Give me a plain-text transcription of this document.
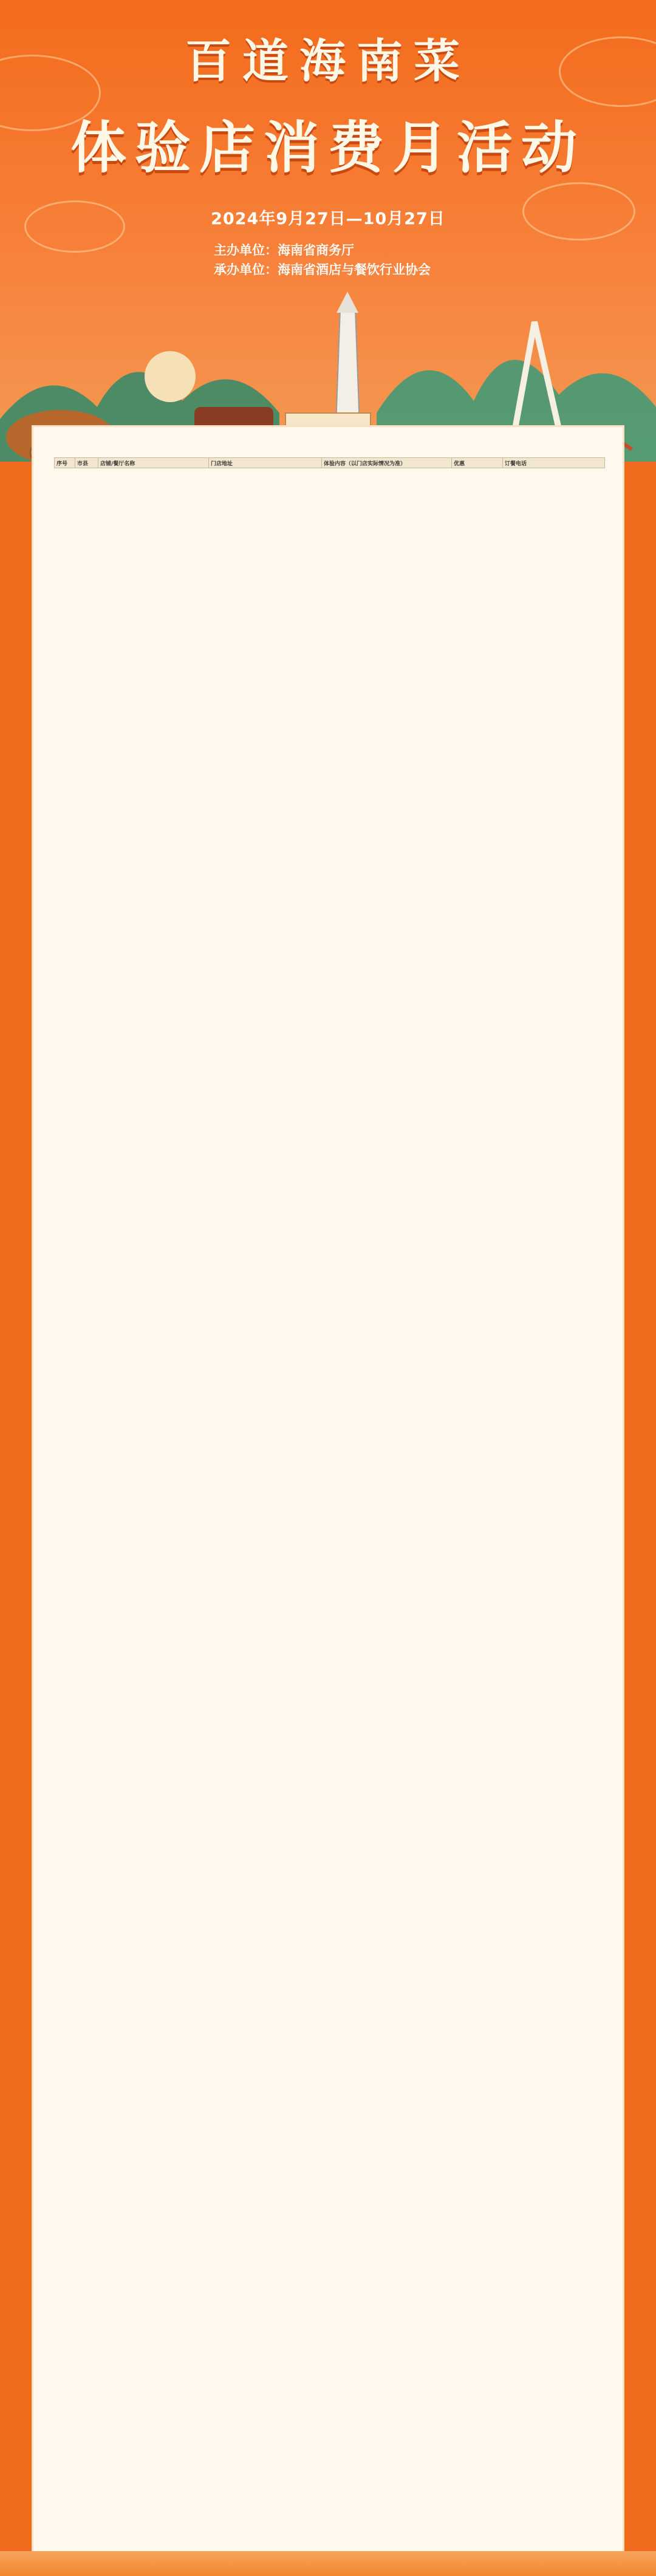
百道海南菜
体验店消费月活动
2024年9月27日—10月27日
主办单位：海南省商务厅
承办单位：海南省酒店与餐饮行业协会
序号	市县	店铺/餐厅名称	门店地址	体验内容（以门店实际情况为准）	优惠	订餐电话
